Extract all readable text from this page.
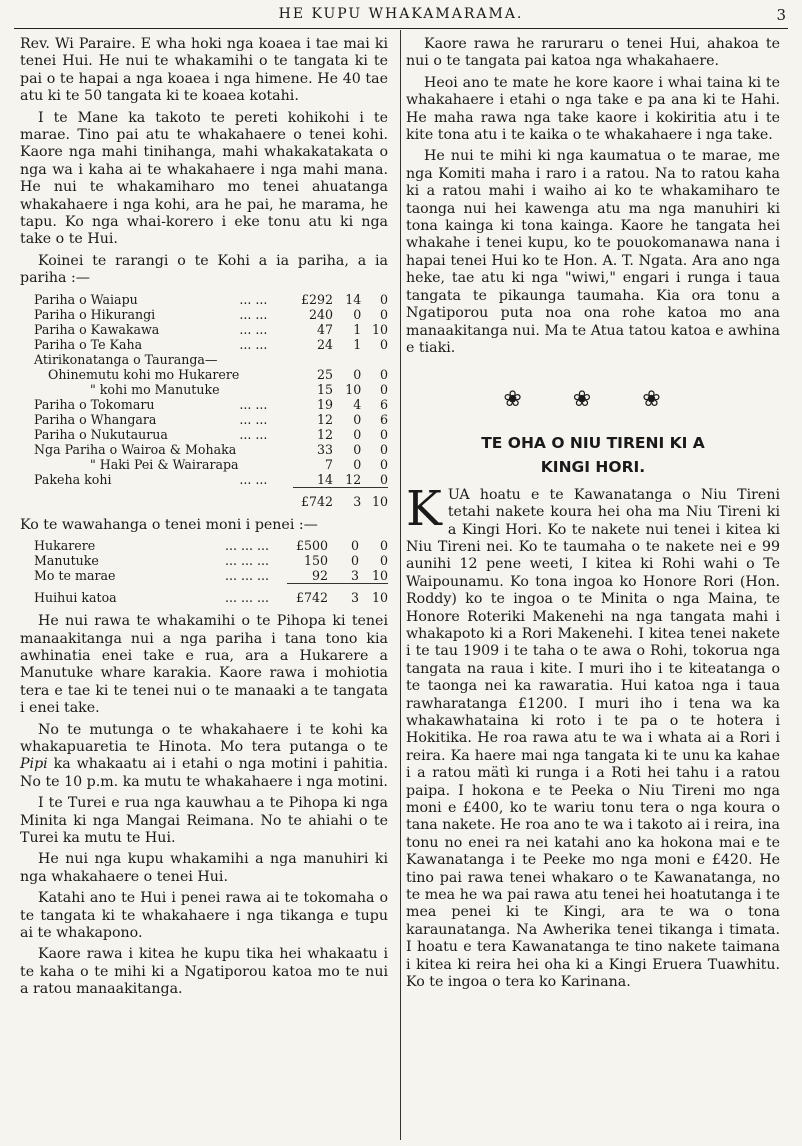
HE KUPU WHAKAMARAMA.	3

Rev. Wi Paraire. E wha hoki nga koaea i tae mai ki tenei Hui. He nui te whakamihi o te tangata ki te pai o te hapai a nga koaea i nga himene. He 40 tae atu ki te 50 tangata ki te koaea kotahi.

I te Mane ka takoto te pereti kohikohi i te marae. Tino pai atu te whakahaere o tenei kohi. Kaore nga mahi tinihanga, mahi whakakatakata o nga wa i kaha ai te whakahaere i nga mahi mana. He nui te whakamiharo mo tenei ahuatanga whakahaere i nga kohi, ara he pai, he marama, he tapu. Ko nga whai-korero i eke tonu atu ki nga take o te Hui.

Koinei te rarangi o te Kohi a ia pariha, a ia pariha :—

Pariha o Waiapu	... ...	£292	14	0
Pariha o Hikurangi	... ...	240	0	0
Pariha o Kawakawa	... ...	47	1	10
Pariha o Te Kaha	... ...	24	1	0
Atirikonatanga o Tauranga—				
Ohinemutu kohi mo Hukarere		25	0	0
" kohi mo Manutuke		15	10	0
Pariha o Tokomaru	... ...	19	4	6
Pariha o Whangara	... ...	12	0	6
Pariha o Nukutaurua	... ...	12	0	0
Nga Pariha o Wairoa & Mohaka		33	0	0
" Haki Pei & Wairarapa		7	0	0
Pakeha kohi	... ...	14	12	0

		£742	3	10

Ko te wawahanga o tenei moni i penei :—

Hukarere	... ... ...	£500	0	0
Manutuke	... ... ...	150	0	0
Mo te marae	... ... ...	92	3	10

Huihui katoa	... ... ...	£742	3	10

He nui rawa te whakamihi o te Pihopa ki tenei manaakitanga nui a nga pariha i tana tono kia awhinatia enei take e rua, ara a Hukarere a Manutuke whare karakia. Kaore rawa i mohiotia tera e tae ki te tenei nui o te manaaki a te tangata i enei take.

No te mutunga o te whakahaere i te kohi ka whakapuaretia te Hinota. Mo tera putanga o te Pipi ka whakaatu ai i etahi o nga motini i pahitia. No te 10 p.m. ka mutu te whakahaere i nga motini.

I te Turei e rua nga kauwhau a te Pihopa ki nga Minita ki nga Mangai Reimana. No te ahiahi o te Turei ka mutu te Hui.

He nui nga kupu whakamihi a nga manuhiri ki nga whakahaere o tenei Hui.

Katahi ano te Hui i penei rawa ai te tokomaha o te tangata ki te whakahaere i nga tikanga e tupu ai te whakapono.

Kaore rawa i kitea he kupu tika hei whakaatu i te kaha o te mihi ki a Ngatiporou katoa mo te nui a ratou manaakitanga.

Kaore rawa he raruraru o tenei Hui, ahakoa te nui o te tangata pai katoa nga whakahaere.

Heoi ano te mate he kore kaore i whai taina ki te whakahaere i etahi o nga take e pa ana ki te Hahi. He maha rawa nga take kaore i kokiritia atu i te kite tona atu i te kaika o te whakahaere i nga take.

He nui te mihi ki nga kaumatua o te marae, me nga Komiti maha i raro i a ratou. Na to ratou kaha ki a ratou mahi i waiho ai ko te whakamiharo te taonga nui hei kawenga atu ma nga manuhiri ki tona kainga ki tona kainga. Kaore he tangata hei whakahe i tenei kupu, ko te pouokomanawa nana i hapai tenei Hui ko te Hon. A. T. Ngata. Ara ano nga heke, tae atu ki nga "wiwi," engari i runga i taua tangata te pikaunga taumaha. Kia ora tonu a Ngatiporou puta noa ona rohe katoa mo ana manaakitanga nui. Ma te Atua tatou katoa e awhina e tiaki.

❀ ❀ ❀
TE OHA O NIU TIRENI KI A
KINGI HORI.

KUA hoatu e te Kawanatanga o Niu Tireni tetahi nakete koura hei oha ma Niu Tireni ki a Kingi Hori. Ko te nakete nui tenei i kitea ki Niu Tireni nei. Ko te taumaha o te nakete nei e 99 aunihi 12 pene weeti, I kitea ki Rohi wahi o Te Waipounamu. Ko tona ingoa ko Honore Rori (Hon. Roddy) ko te ingoa o te Minita o nga Maina, te Honore Roteriki Makenehi na nga tangata mahi i whakapoto ki a Rori Makenehi. I kitea tenei nakete i te tau 1909 i te taha o te awa o Rohi, tokorua nga tangata na raua i kite. I muri iho i te kiteatanga o te taonga nei ka rawaratia. Hui katoa nga i taua rawharatanga £1200. I muri iho i tena wa ka whakawhatainа ki roto i te pa o te hotera i Hokitika. He roa rawa atu te wa i whatа ai a Rori i reira. Ka haere mai nga tangata ki te unu ka kahae i a ratou mätì ki runga i a Roti hei tahu i a ratou paipa. I hokona e te Peeka o Niu Tireni mo nga moni e £400, ko te wariu tonu tera o nga koura o tana nakete. He roa ano te wa i takoto ai i reira, ina tonu no enei ra nei katahi ano ka hokona mai e te Kawanatanga i te Peeke mo nga moni e £420. He tino pai rawa tenei whakaro o te Kawanatanga, no te mea he wa pai rawa atu tenei hei hoatutanga i te mea penei ki te Kingi, ara te wa o tona karaunatanga. Na Awherika tenei tikanga i timata. I hoatu e tera Kawanatanga te tino nakete taimana i kitea ki reira hei oha ki a Kingi Eruera Tuawhitu. Ko te ingoa o tera ko Karinana.
